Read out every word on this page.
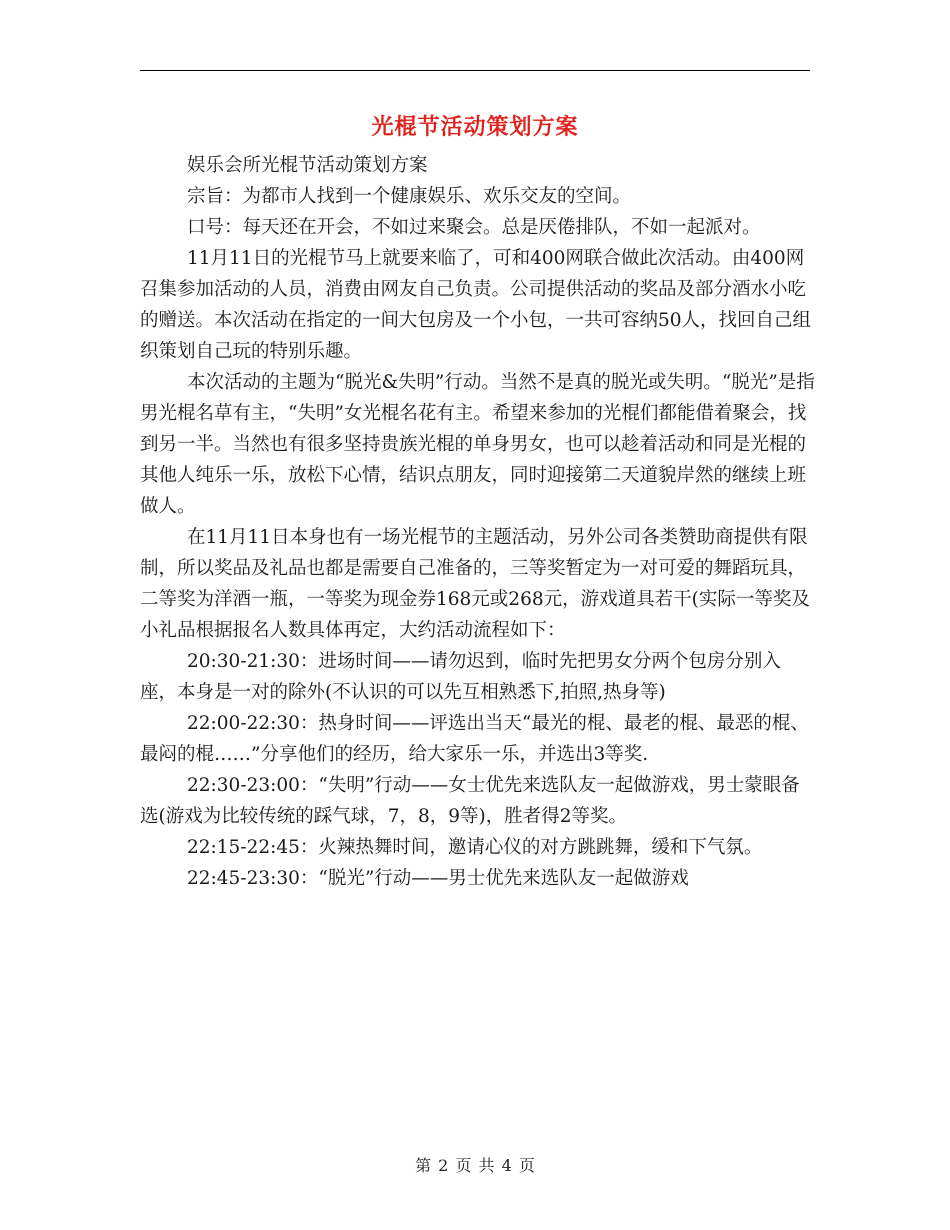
光棍节活动策划方案

娱乐会所光棍节活动策划方案

宗旨：为都市人找到一个健康娱乐、欢乐交友的空间。

口号：每天还在开会，不如过来聚会。总是厌倦排队，不如一起派对。

11月11日的光棍节马上就要来临了，可和400网联合做此次活动。由400网召集参加活动的人员，消费由网友自己负责。公司提供活动的奖品及部分酒水小吃的赠送。本次活动在指定的一间大包房及一个小包，一共可容纳50人，找回自己组织策划自己玩的特别乐趣。

本次活动的主题为“脱光&失明”行动。当然不是真的脱光或失明。“脱光”是指男光棍名草有主，“失明”女光棍名花有主。希望来参加的光棍们都能借着聚会，找到另一半。当然也有很多坚持贵族光棍的单身男女，也可以趁着活动和同是光棍的其他人纯乐一乐，放松下心情，结识点朋友，同时迎接第二天道貌岸然的继续上班做人。

在11月11日本身也有一场光棍节的主题活动，另外公司各类赞助商提供有限制，所以奖品及礼品也都是需要自己准备的，三等奖暂定为一对可爱的舞蹈玩具，二等奖为洋酒一瓶，一等奖为现金券168元或268元，游戏道具若干(实际一等奖及小礼品根据报名人数具体再定，大约活动流程如下：

20:30-21:30：进场时间——请勿迟到，临时先把男女分两个包房分别入座，本身是一对的除外(不认识的可以先互相熟悉下,拍照,热身等)

22:00-22:30：热身时间——评选出当天“最光的棍、最老的棍、最恶的棍、最闷的棍……”分享他们的经历，给大家乐一乐，并选出3等奖.

22:30-23:00：“失明”行动——女士优先来选队友一起做游戏，男士蒙眼备选(游戏为比较传统的踩气球，7，8，9等)，胜者得2等奖。

22:15-22:45：火辣热舞时间，邀请心仪的对方跳跳舞，缓和下气氛。

22:45-23:30：“脱光”行动——男士优先来选队友一起做游戏

第 2 页 共 4 页
